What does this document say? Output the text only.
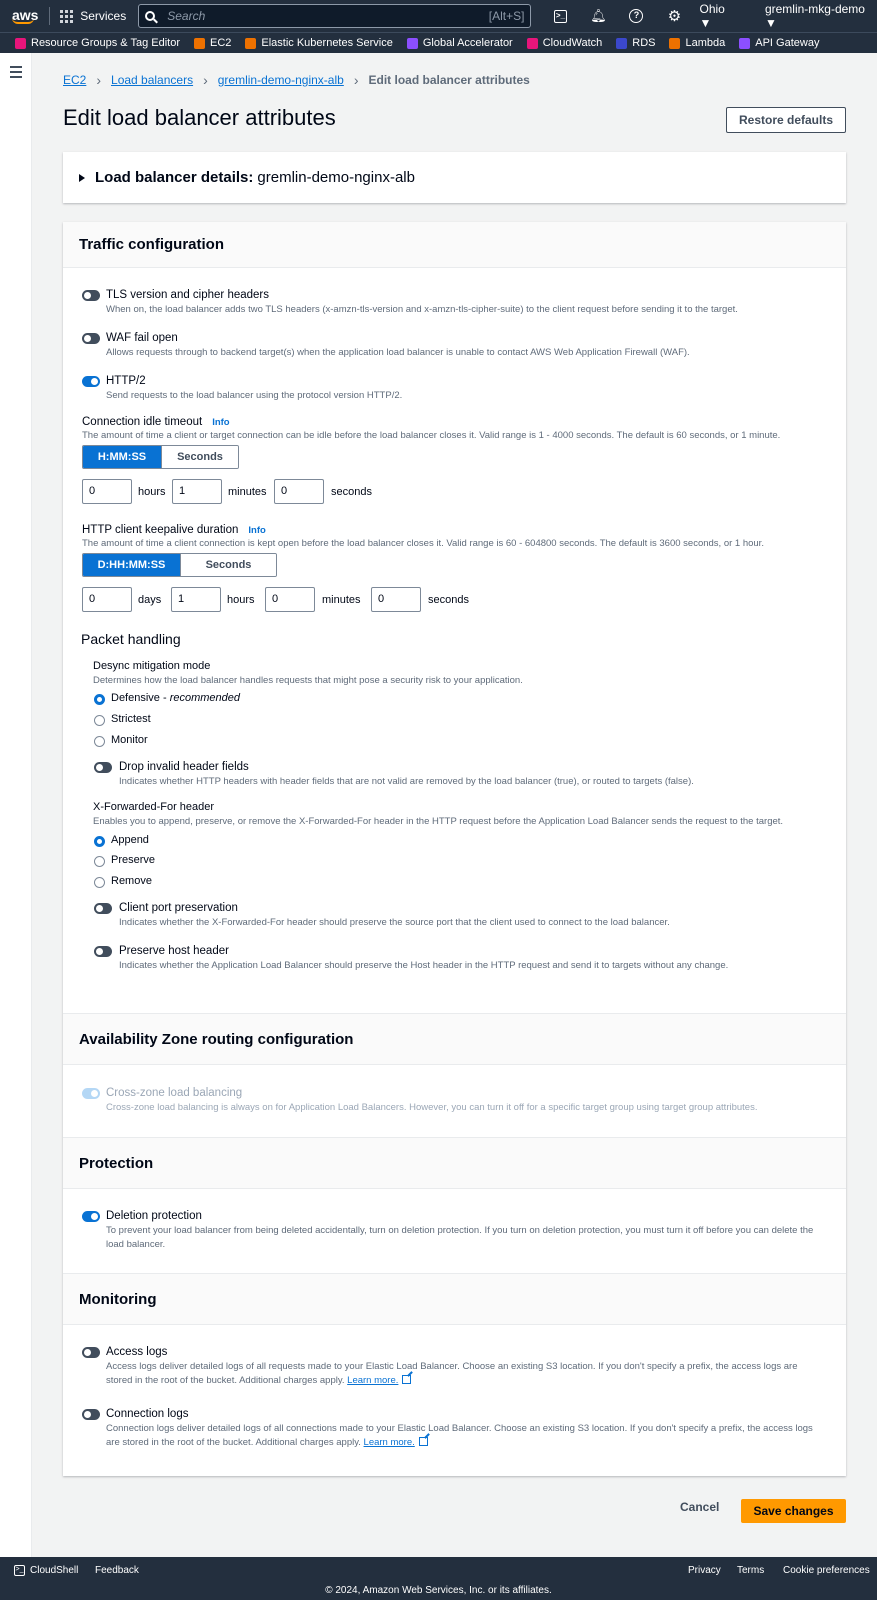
aws	Services	Search	[Alt+S]	>_ 🔔︎	? ⚙︎ Ohio ▼
gremlin-mkg-demo ▼
Resource Groups & Tag Editor	EC2	Elastic Kubernetes Service	Global Accelerator	CloudWatch	RDS	Lambda	API Gateway
EC2 › Load balancers › gremlin-demo-nginx-alb › Edit load balancer attributes
Edit load balancer attributes	Restore defaults
Load balancer details: gremlin-demo-nginx-alb
Traffic configuration
TLS version and cipher headers
When on, the load balancer adds two TLS headers (x-amzn-tls-version and x-amzn-tls-cipher-suite) to the client request before sending it to the target.
WAF fail open
Allows requests through to backend target(s) when the application load balancer is unable to contact AWS Web Application Firewall (WAF).
HTTP/2
Send requests to the load balancer using the protocol version HTTP/2.
Connection idle timeout Info
The amount of time a client or target connection can be idle before the load balancer closes it. Valid range is 1 - 4000 seconds. The default is 60 seconds, or 1 minute.
H:MM:SS	Seconds
0	hours	1	minutes	0	seconds
HTTP client keepalive duration Info
The amount of time a client connection is kept open before the load balancer closes it. Valid range is 60 - 604800 seconds. The default is 3600 seconds, or 1 hour.
D:HH:MM:SS	Seconds
0	days	1	hours	0	minutes	0	seconds
Packet handling
Desync mitigation mode
Determines how the load balancer handles requests that might pose a security risk to your application.
Defensive - recommended
Strictest
Monitor
Drop invalid header fields
Indicates whether HTTP headers with header fields that are not valid are removed by the load balancer (true), or routed to targets (false).
X-Forwarded-For header
Enables you to append, preserve, or remove the X-Forwarded-For header in the HTTP request before the Application Load Balancer sends the request to the target.
Append
Preserve
Remove
Client port preservation
Indicates whether the X-Forwarded-For header should preserve the source port that the client used to connect to the load balancer.
Preserve host header
Indicates whether the Application Load Balancer should preserve the Host header in the HTTP request and send it to targets without any change.
Availability Zone routing configuration
Cross-zone load balancing
Cross-zone load balancing is always on for Application Load Balancers. However, you can turn it off for a specific target group using target group attributes.
Protection
Deletion protection
To prevent your load balancer from being deleted accidentally, turn on deletion protection. If you turn on deletion protection, you must turn it off before you can delete the load balancer.
Monitoring
Access logs
Access logs deliver detailed logs of all requests made to your Elastic Load Balancer. Choose an existing S3 location. If you don't specify a prefix, the access logs are stored in the root of the bucket. Additional charges apply. Learn more.
Connection logs
Connection logs deliver detailed logs of all connections made to your Elastic Load Balancer. Choose an existing S3 location. If you don't specify a prefix, the access logs are stored in the root of the bucket. Additional charges apply. Learn more.
Cancel	Save changes
>_ CloudShell Feedback	Privacy Terms Cookie preferences
© 2024, Amazon Web Services, Inc. or its affiliates.
